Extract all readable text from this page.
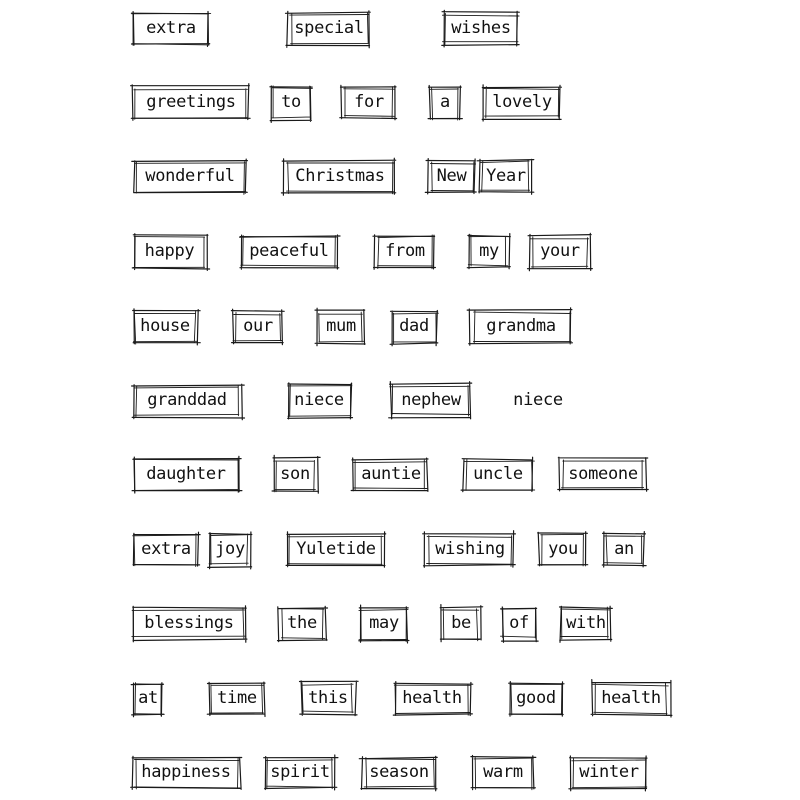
extra	special	wishes
greetings	to	for	a lovely
wonderful	Christmas	New Year
happy	peaceful	from	my your
house	our	mum	dad	grandma
granddad	niece	nephew	niece
daughter	son	auntie	uncle	someone
extra joy	Yuletide	wishing	you an
blessings	the	may	be of with
at	time	this	health	good	health
happiness spirit season	warm	winter
